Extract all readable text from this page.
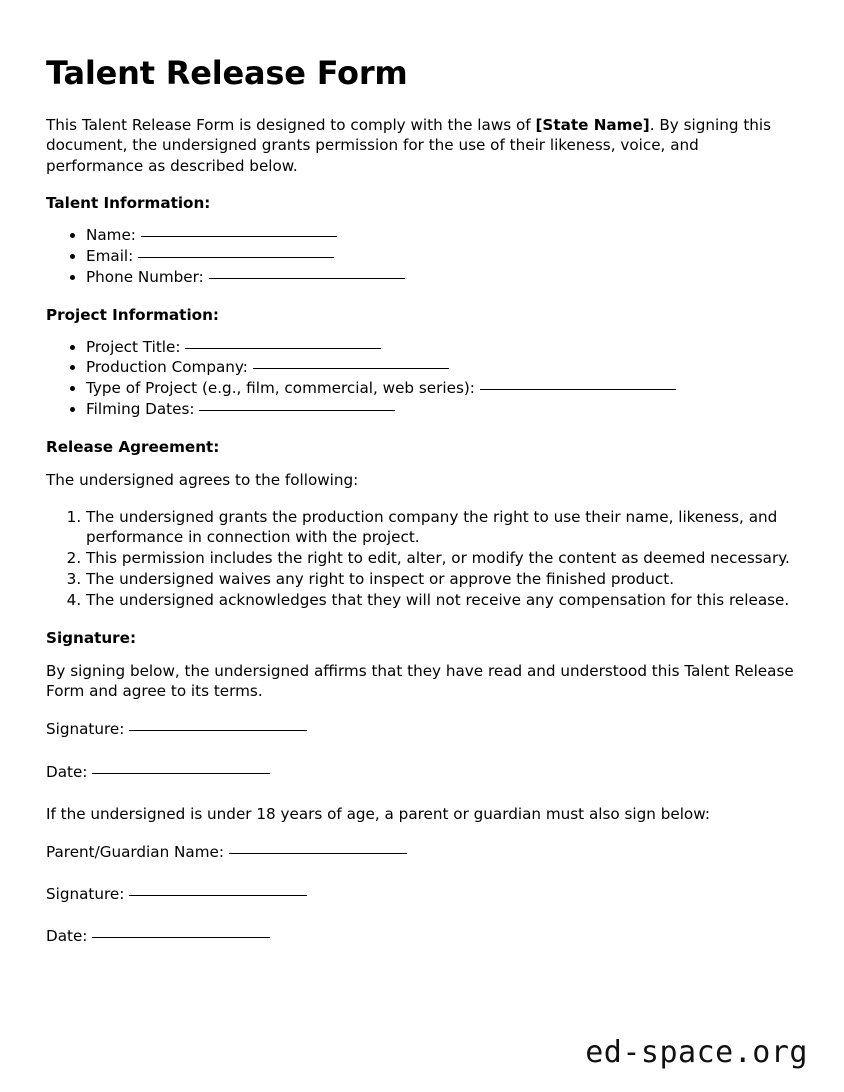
Talent Release Form

This Talent Release Form is designed to comply with the laws of [State Name]. By signing this document, the undersigned grants permission for the use of their likeness, voice, and performance as described below.

Talent Information:
• Name:
• Email:
• Phone Number:
Project Information:
• Project Title:
• Production Company:
• Type of Project (e.g., film, commercial, web series):
• Filming Dates:
Release Agreement:

The undersigned agrees to the following:

1. The undersigned grants the production company the right to use their name, likeness, and performance in connection with the project.
2. This permission includes the right to edit, alter, or modify the content as deemed necessary.
3. The undersigned waives any right to inspect or approve the finished product.
4. The undersigned acknowledges that they will not receive any compensation for this release.
Signature:

By signing below, the undersigned affirms that they have read and understood this Talent Release Form and agree to its terms.

Signature:
Date:

If the undersigned is under 18 years of age, a parent or guardian must also sign below:

Parent/Guardian Name:
Signature:
Date:
ed-space.org
